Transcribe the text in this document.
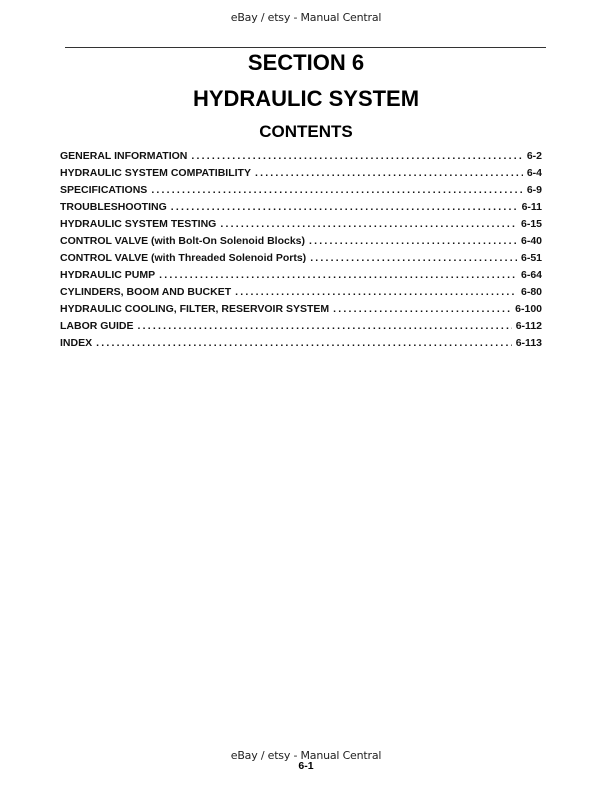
eBay / etsy - Manual Central
SECTION 6
HYDRAULIC SYSTEM
CONTENTS
GENERAL INFORMATION .....	6-2
HYDRAULIC SYSTEM COMPATIBILITY .....	6-4
SPECIFICATIONS .....	6-9
TROUBLESHOOTING .....	6-11
HYDRAULIC SYSTEM TESTING .....	6-15
CONTROL VALVE (with Bolt-On Solenoid Blocks) .....	6-40
CONTROL VALVE (with Threaded Solenoid Ports) .....	6-51
HYDRAULIC PUMP .....	6-64
CYLINDERS, BOOM AND BUCKET .....	6-80
HYDRAULIC COOLING, FILTER, RESERVOIR SYSTEM .....	6-100
LABOR GUIDE .....	6-112
INDEX .....	6-113
eBay / etsy - Manual Central
6-1
